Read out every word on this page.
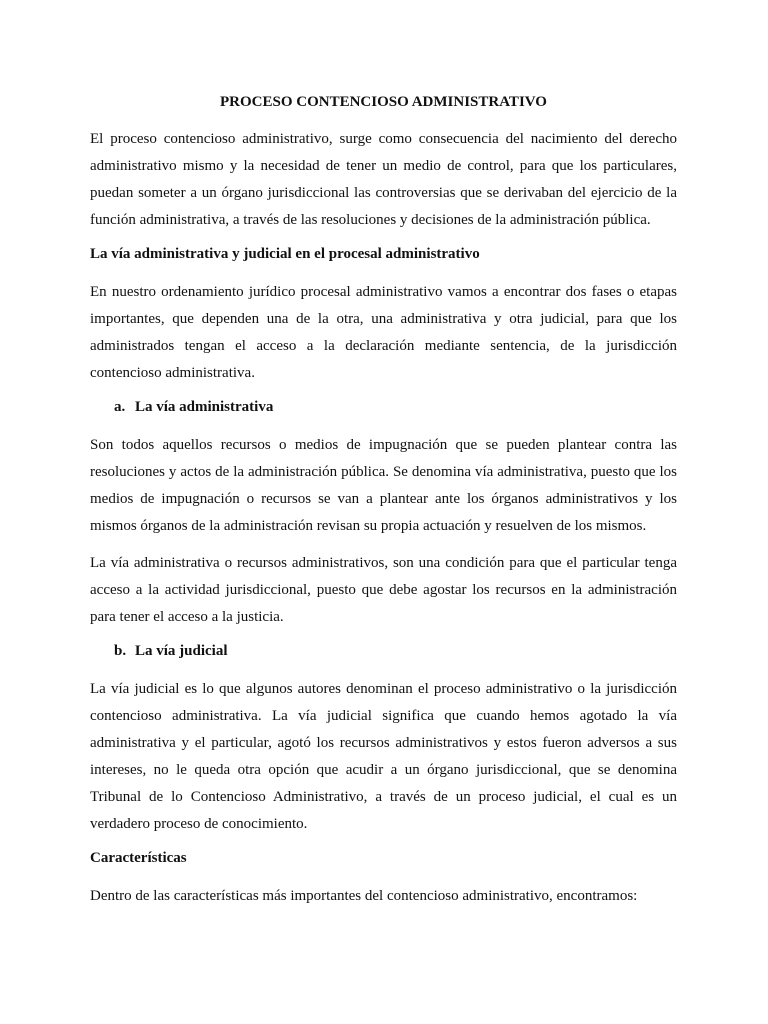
PROCESO CONTENCIOSO ADMINISTRATIVO

El proceso contencioso administrativo, surge como consecuencia del nacimiento del derecho administrativo mismo y la necesidad de tener un medio de control, para que los particulares, puedan someter a un órgano jurisdiccional las controversias que se derivaban del ejercicio de la función administrativa, a través de las resoluciones y decisiones de la administración pública.

La vía administrativa y judicial en el procesal administrativo

En nuestro ordenamiento jurídico procesal administrativo vamos a encontrar dos fases o etapas importantes, que dependen una de la otra, una administrativa y otra judicial, para que los administrados tengan el acceso a la declaración mediante sentencia, de la jurisdicción contencioso administrativa.

a. La vía administrativa

Son todos aquellos recursos o medios de impugnación que se pueden plantear contra las resoluciones y actos de la administración pública. Se denomina vía administrativa, puesto que los medios de impugnación o recursos se van a plantear ante los órganos administrativos y los mismos órganos de la administración revisan su propia actuación y resuelven de los mismos.

La vía administrativa o recursos administrativos, son una condición para que el particular tenga acceso a la actividad jurisdiccional, puesto que debe agostar los recursos en la administración para tener el acceso a la justicia.

b. La vía judicial

La vía judicial es lo que algunos autores denominan el proceso administrativo o la jurisdicción contencioso administrativa. La vía judicial significa que cuando hemos agotado la vía administrativa y el particular, agotó los recursos administrativos y estos fueron adversos a sus intereses, no le queda otra opción que acudir a un órgano jurisdiccional, que se denomina Tribunal de lo Contencioso Administrativo, a través de un proceso judicial, el cual es un verdadero proceso de conocimiento.

Características

Dentro de las características más importantes del contencioso administrativo, encontramos:
